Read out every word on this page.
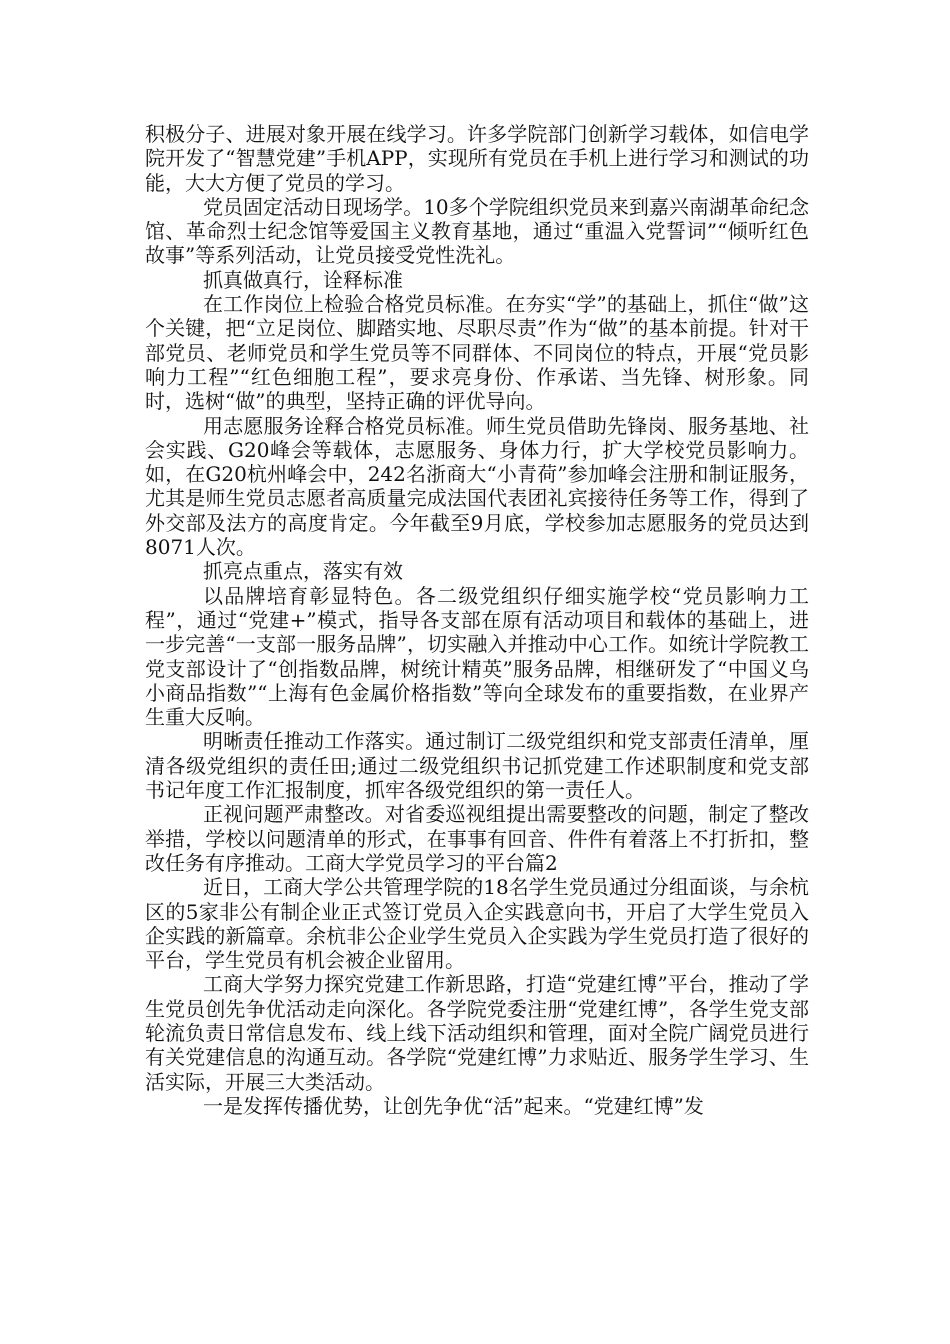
积极分子、进展对象开展在线学习。许多学院部门创新学习载体，如信电学院开发了“智慧党建”手机APP，实现所有党员在手机上进行学习和测试的功能，大大方便了党员的学习。

党员固定活动日现场学。10多个学院组织党员来到嘉兴南湖革命纪念馆、革命烈士纪念馆等爱国主义教育基地，通过“重温入党誓词”“倾听红色故事”等系列活动，让党员接受党性洗礼。

抓真做真行，诠释标准

在工作岗位上检验合格党员标准。在夯实“学”的基础上，抓住“做”这个关键，把“立足岗位、脚踏实地、尽职尽责”作为“做”的基本前提。针对干部党员、老师党员和学生党员等不同群体、不同岗位的特点，开展“党员影响力工程”“红色细胞工程”，要求亮身份、作承诺、当先锋、树形象。同时，选树“做”的典型，坚持正确的评优导向。

用志愿服务诠释合格党员标准。师生党员借助先锋岗、服务基地、社会实践、G20峰会等载体，志愿服务、身体力行，扩大学校党员影响力。如，在G20杭州峰会中，242名浙商大“小青荷”参加峰会注册和制证服务，尤其是师生党员志愿者高质量完成法国代表团礼宾接待任务等工作，得到了外交部及法方的高度肯定。今年截至9月底，学校参加志愿服务的党员达到8071人次。

抓亮点重点，落实有效

以品牌培育彰显特色。各二级党组织仔细实施学校“党员影响力工程”，通过“党建+”模式，指导各支部在原有活动项目和载体的基础上，进一步完善“一支部一服务品牌”，切实融入并推动中心工作。如统计学院教工党支部设计了“创指数品牌，树统计精英”服务品牌，相继研发了“中国义乌小商品指数”“上海有色金属价格指数”等向全球发布的重要指数，在业界产生重大反响。

明晰责任推动工作落实。通过制订二级党组织和党支部责任清单，厘清各级党组织的责任田;通过二级党组织书记抓党建工作述职制度和党支部书记年度工作汇报制度，抓牢各级党组织的第一责任人。

正视问题严肃整改。对省委巡视组提出需要整改的问题，制定了整改举措，学校以问题清单的形式，在事事有回音、件件有着落上不打折扣，整改任务有序推动。工商大学党员学习的平台篇2

近日，工商大学公共管理学院的18名学生党员通过分组面谈，与余杭区的5家非公有制企业正式签订党员入企实践意向书，开启了大学生党员入企实践的新篇章。余杭非公企业学生党员入企实践为学生党员打造了很好的平台，学生党员有机会被企业留用。

工商大学努力探究党建工作新思路，打造“党建红博”平台，推动了学生党员创先争优活动走向深化。各学院党委注册“党建红博”，各学生党支部轮流负责日常信息发布、线上线下活动组织和管理，面对全院广阔党员进行有关党建信息的沟通互动。各学院“党建红博”力求贴近、服务学生学习、生活实际，开展三大类活动。

一是发挥传播优势，让创先争优“活”起来。“党建红博”发
